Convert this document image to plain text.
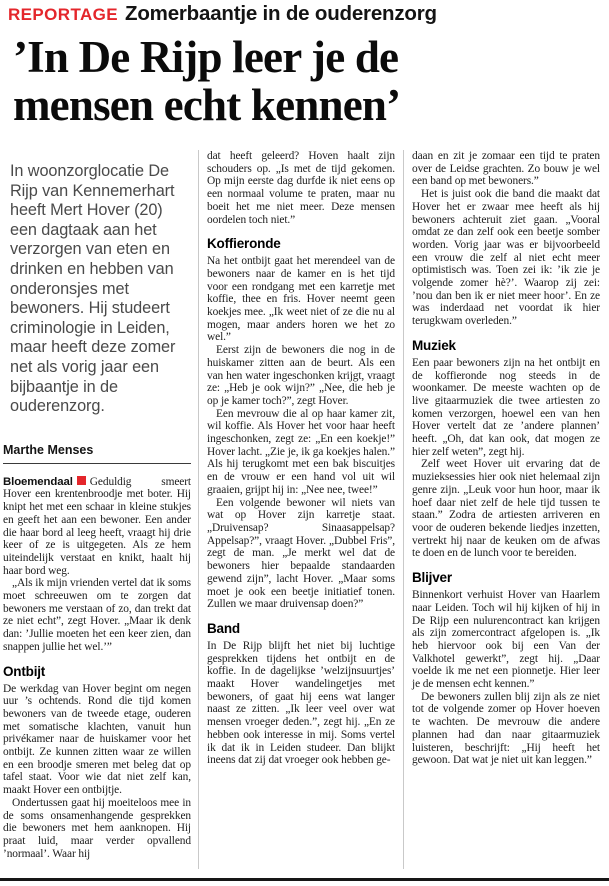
REPORTAGE Zomerbaantje in de ouderenzorg
’In De Rijp leer je de
mensen echt kennen’

In woonzorglocatie De Rijp van Kennemerhart heeft Mert Hover (20) een dagtaak aan het verzorgen van eten en drinken en hebben van onderonsjes met bewoners. Hij studeert criminologie in Leiden, maar heeft deze zomer net als vorig jaar een bijbaantje in de ouderenzorg.

Marthe Menses

Bloemendaal Geduldig smeert Hover een krentenbroodje met boter. Hij knipt het met een schaar in kleine stukjes en geeft het aan een bewoner. Een ander die haar bord al leeg heeft, vraagt hij drie keer of ze is uitgegeten. Als ze hem uiteindelijk verstaat en knikt, haalt hij haar bord weg.

„Als ik mijn vrienden vertel dat ik soms moet schreeuwen om te zorgen dat bewoners me verstaan of zo, dan trekt dat ze niet echt”, zegt Hover. „Maar ik denk dan: ’Jullie moeten het een keer zien, dan snappen jullie het wel.’”

Ontbijt

De werkdag van Hover begint om negen uur ’s ochtends. Rond die tijd komen bewoners van de tweede etage, ouderen met somatische klachten, vanuit hun privékamer naar de huiskamer voor het ontbijt. Ze kunnen zitten waar ze willen en een broodje smeren met beleg dat op tafel staat. Voor wie dat niet zelf kan, maakt Hover een ontbijtje.

Ondertussen gaat hij moeiteloos mee in de soms onsamenhangende gesprekken die bewoners met hem aanknopen. Hij praat luid, maar verder opvallend ’normaal’. Waar hij

dat heeft geleerd? Hoven haalt zijn schouders op. „Is met de tijd gekomen. Op mijn eerste dag durfde ik niet eens op een normaal volume te praten, maar nu boeit het me niet meer. Deze mensen oordelen toch niet.”

Koffieronde

Na het ontbijt gaat het merendeel van de bewoners naar de kamer en is het tijd voor een rondgang met een karretje met koffie, thee en fris. Hover neemt geen koekjes mee. „Ik weet niet of ze die nu al mogen, maar anders horen we het zo wel.”

Eerst zijn de bewoners die nog in de huiskamer zitten aan de beurt. Als een van hen water ingeschonken krijgt, vraagt ze: „Heb je ook wijn?” „Nee, die heb je op je kamer toch?”, zegt Hover.

Een mevrouw die al op haar kamer zit, wil koffie. Als Hover het voor haar heeft ingeschonken, zegt ze: „En een koekje!” Hover lacht. „Zie je, ik ga koekjes halen.” Als hij terugkomt met een bak biscuitjes en de vrouw er een hand vol uit wil graaien, grijpt hij in: „Nee nee, twee!”

Een volgende bewoner wil niets van wat op Hover zijn karretje staat. „Druivensap? Sinaasappelsap? Appelsap?”, vraagt Hover. „Dubbel Fris”, zegt de man. „Je merkt wel dat de bewoners hier bepaalde standaarden gewend zijn”, lacht Hover. „Maar soms moet je ook een beetje initiatief tonen. Zullen we maar druivensap doen?”

Band

In De Rijp blijft het niet bij luchtige gesprekken tijdens het ontbijt en de koffie. In de dagelijkse ’welzijnsuurtjes’ maakt Hover wandelingetjes met bewoners, of gaat hij eens wat langer naast ze zitten. „Ik leer veel over wat mensen vroeger deden.”, zegt hij. „En ze hebben ook interesse in mij. Soms vertel ik dat ik in Leiden studeer. Dan blijkt ineens dat zij dat vroeger ook hebben ge-

daan en zit je zomaar een tijd te praten over de Leidse grachten. Zo bouw je wel een band op met bewoners.”

Het is juist ook die band die maakt dat Hover het er zwaar mee heeft als hij bewoners achteruit ziet gaan. „Vooral omdat ze dan zelf ook een beetje somber worden. Vorig jaar was er bijvoorbeeld een vrouw die zelf al niet echt meer optimistisch was. Toen zei ik: ’ik zie je volgende zomer hè?’. Waarop zij zei: ’nou dan ben ik er niet meer hoor’. En ze was inderdaad net voordat ik hier terugkwam overleden.”

Muziek

Een paar bewoners zijn na het ontbijt en de koffieronde nog steeds in de woonkamer. De meeste wachten op de live gitaarmuziek die twee artiesten zo komen verzorgen, hoewel een van hen Hover vertelt dat ze ’andere plannen’ heeft. „Oh, dat kan ook, dat mogen ze hier zelf weten”, zegt hij.

Zelf weet Hover uit ervaring dat de muzieksessies hier ook niet helemaal zijn genre zijn. „Leuk voor hun hoor, maar ik hoef daar niet zelf de hele tijd tussen te staan.” Zodra de artiesten arriveren en voor de ouderen bekende liedjes inzetten, vertrekt hij naar de keuken om de afwas te doen en de lunch voor te bereiden.

Blijver

Binnenkort verhuist Hover van Haarlem naar Leiden. Toch wil hij kijken of hij in De Rijp een nulurencontract kan krijgen als zijn zomercontract afgelopen is. „Ik heb hiervoor ook bij een Van der Valkhotel gewerkt”, zegt hij. „Daar voelde ik me net een pionnetje. Hier leer je de mensen echt kennen.”

De bewoners zullen blij zijn als ze niet tot de volgende zomer op Hover hoeven te wachten. De mevrouw die andere plannen had dan naar gitaarmuziek luisteren, beschrijft: „Hij heeft het gewoon. Dat wat je niet uit kan leggen.”
